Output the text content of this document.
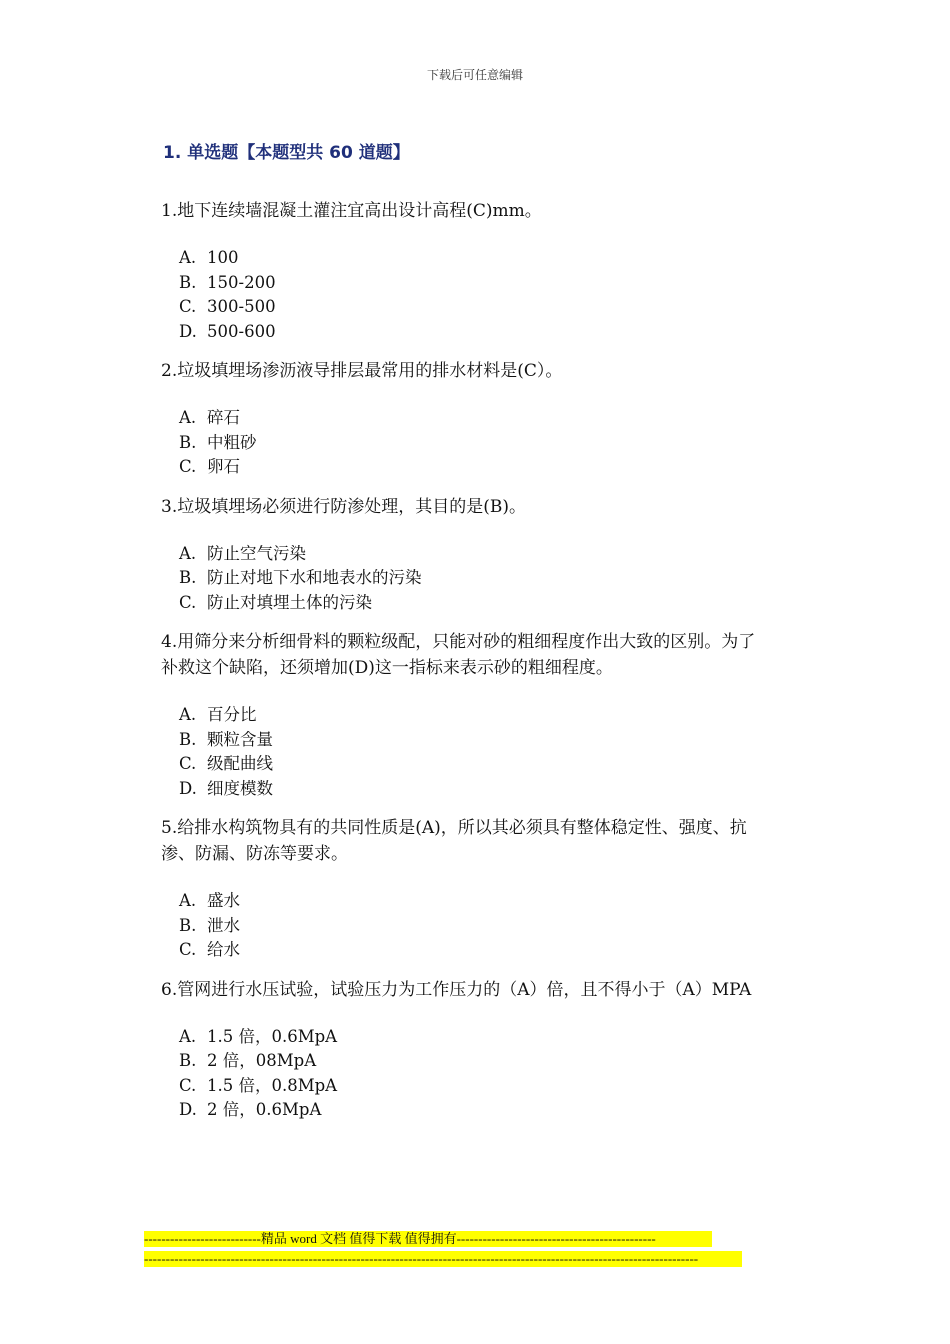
下载后可任意编辑
1. 单选题【本题型共 60 道题】

1.地下连续墙混凝土灌注宜高出设计高程(C)mm。

A. 100
B. 150-200
C. 300-500
D. 500-600

2.垃圾填埋场渗沥液导排层最常用的排水材料是(C）。

A. 碎石
B. 中粗砂
C. 卵石

3.垃圾填埋场必须进行防渗处理，其目的是(B)。

A. 防止空气污染
B. 防止对地下水和地表水的污染
C. 防止对填埋土体的污染

4.用筛分来分析细骨料的颗粒级配，只能对砂的粗细程度作出大致的区别。为了补救这个缺陷，还须增加(D)这一指标来表示砂的粗细程度。

A. 百分比
B. 颗粒含量
C. 级配曲线
D. 细度模数

5.给排水构筑物具有的共同性质是(A)，所以其必须具有整体稳定性、强度、抗渗、防漏、防冻等要求。

A. 盛水
B. 泄水
C. 给水

6.管网进行水压试验，试验压力为工作压力的（A）倍，且不得小于（A）MPA

A. 1.5 倍，0.6MpA
B. 2 倍，08MpA
C. 1.5 倍，0.8MpA
D. 2 倍，0.6MpA
---------------------------精品 word 文档 值得下载 值得拥有----------------------------------------------
--------------------------------------------------------------------------------------------------------------------------------
